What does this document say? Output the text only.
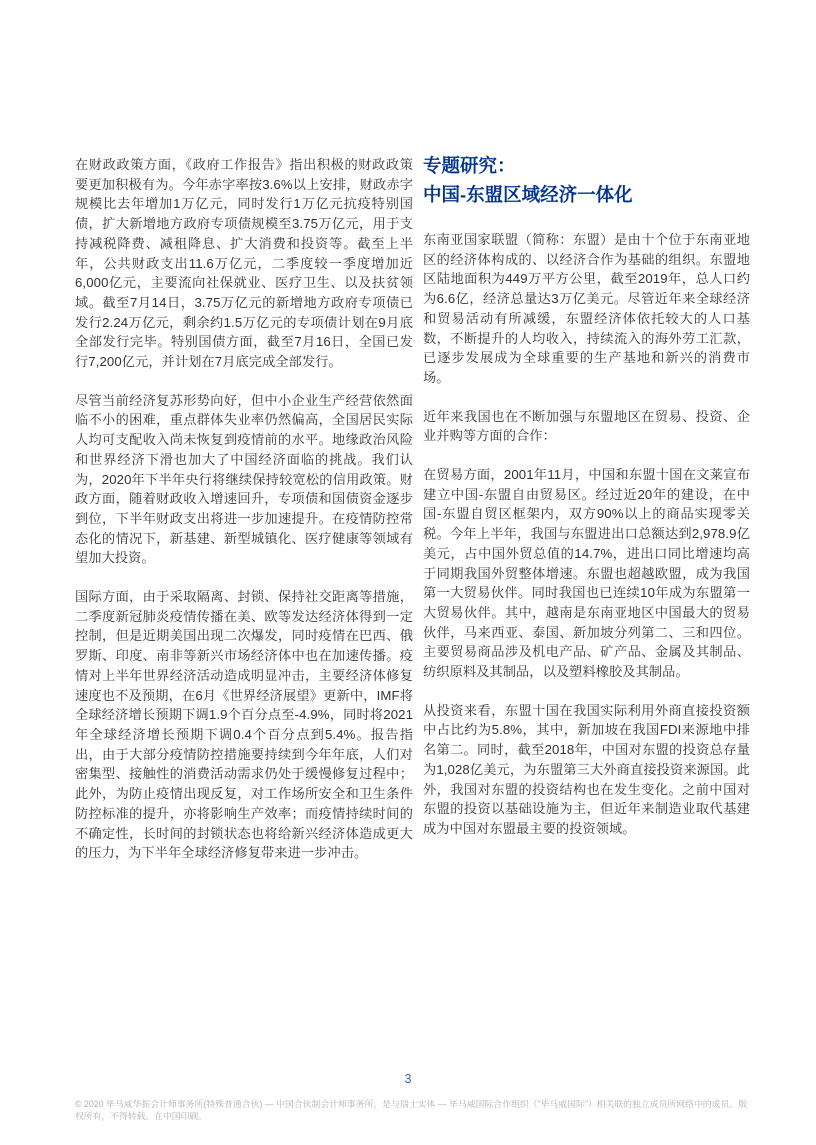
在财政政策方面，《政府工作报告》指出积极的财政政策要更加积极有为。今年赤字率按3.6%以上安排，财政赤字规模比去年增加1万亿元，同时发行1万亿元抗疫特别国债，扩大新增地方政府专项债规模至3.75万亿元，用于支持减税降费、减租降息、扩大消费和投资等。截至上半年，公共财政支出11.6万亿元，二季度较一季度增加近6,000亿元，主要流向社保就业、医疗卫生、以及扶贫领域。截至7月14日，3.75万亿元的新增地方政府专项债已发行2.24万亿元，剩余约1.5万亿元的专项债计划在9月底全部发行完毕。特别国债方面，截至7月16日，全国已发行7,200亿元，并计划在7月底完成全部发行。

尽管当前经济复苏形势向好，但中小企业生产经营依然面临不小的困难，重点群体失业率仍然偏高，全国居民实际人均可支配收入尚未恢复到疫情前的水平。地缘政治风险和世界经济下滑也加大了中国经济面临的挑战。我们认为，2020年下半年央行将继续保持较宽松的信用政策。财政方面，随着财政收入增速回升，专项债和国债资金逐步到位，下半年财政支出将进一步加速提升。在疫情防控常态化的情况下，新基建、新型城镇化、医疗健康等领域有望加大投资。

国际方面，由于采取隔离、封锁、保持社交距离等措施，二季度新冠肺炎疫情传播在美、欧等发达经济体得到一定控制，但是近期美国出现二次爆发，同时疫情在巴西、俄罗斯、印度、南非等新兴市场经济体中也在加速传播。疫情对上半年世界经济活动造成明显冲击，主要经济体修复速度也不及预期，在6月《世界经济展望》更新中，IMF将全球经济增长预期下调1.9个百分点至-4.9%，同时将2021年全球经济增长预期下调0.4个百分点到5.4%。报告指出，由于大部分疫情防控措施要持续到今年年底，人们对密集型、接触性的消费活动需求仍处于缓慢修复过程中；此外，为防止疫情出现反复，对工作场所安全和卫生条件防控标准的提升，亦将影响生产效率；而疫情持续时间的不确定性，长时间的封锁状态也将给新兴经济体造成更大的压力，为下半年全球经济修复带来进一步冲击。

专题研究：
中国-东盟区域经济一体化

东南亚国家联盟（简称：东盟）是由十个位于东南亚地区的经济体构成的、以经济合作为基础的组织。东盟地区陆地面积为449万平方公里，截至2019年，总人口约为6.6亿，经济总量达3万亿美元。尽管近年来全球经济和贸易活动有所减缓，东盟经济体依托较大的人口基数，不断提升的人均收入，持续流入的海外劳工汇款，已逐步发展成为全球重要的生产基地和新兴的消费市场。

近年来我国也在不断加强与东盟地区在贸易、投资、企业并购等方面的合作：

在贸易方面，2001年11月，中国和东盟十国在文莱宣布建立中国-东盟自由贸易区。经过近20年的建设，在中国-东盟自贸区框架内，双方90%以上的商品实现零关税。今年上半年，我国与东盟进出口总额达到2,978.9亿美元，占中国外贸总值的14.7%，进出口同比增速均高于同期我国外贸整体增速。东盟也超越欧盟，成为我国第一大贸易伙伴。同时我国也已连续10年成为东盟第一大贸易伙伴。其中，越南是东南亚地区中国最大的贸易伙伴，马来西亚、泰国、新加坡分列第二、三和四位。主要贸易商品涉及机电产品、矿产品、金属及其制品、纺织原料及其制品，以及塑料橡胶及其制品。

从投资来看，东盟十国在我国实际利用外商直接投资额中占比约为5.8%，其中，新加坡在我国FDI来源地中排名第二。同时，截至2018年，中国对东盟的投资总存量为1,028亿美元，为东盟第三大外商直接投资来源国。此外，我国对东盟的投资结构也在发生变化。之前中国对东盟的投资以基础设施为主，但近年来制造业取代基建成为中国对东盟最主要的投资领域。

3
© 2020 毕马威华振会计师事务所(特殊普通合伙) — 中国合伙制会计师事务所，是与瑞士实体 — 毕马威国际合作组织（“毕马威国际”）相关联的独立成员所网络中的成员。版权所有，不得转载。在中国印刷。
